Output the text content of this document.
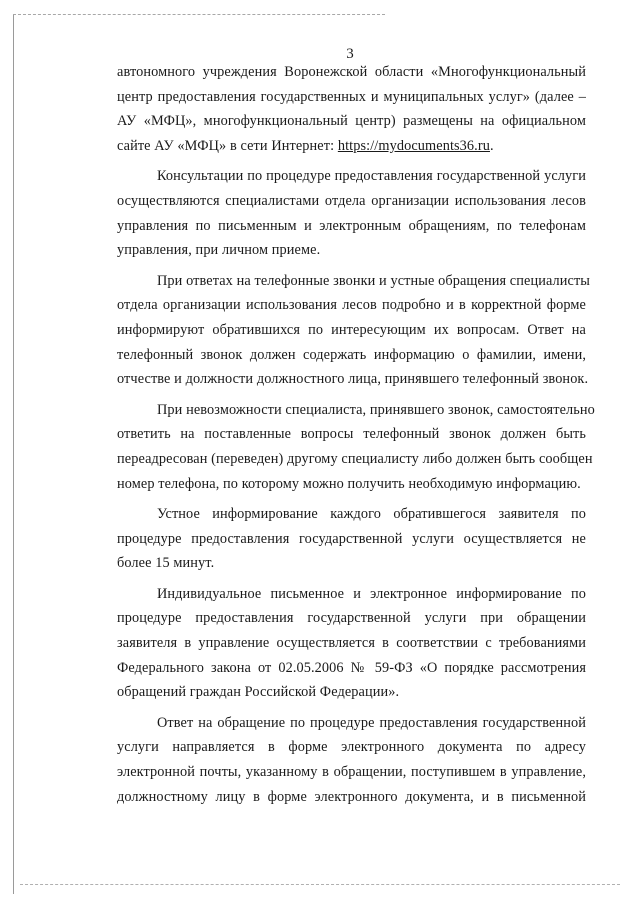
3
автономного учреждения Воронежской области «Многофункциональный
центр предоставления государственных и муниципальных услуг» (далее –
АУ «МФЦ», многофункциональный центр) размещены на официальном
сайте АУ «МФЦ» в сети Интернет: https://mydocuments36.ru.
Консультации по процедуре предоставления государственной услуги
осуществляются специалистами отдела организации использования лесов
управления по письменным и электронным обращениям, по телефонам
управления, при личном приеме.
При ответах на телефонные звонки и устные обращения специалисты
отдела организации использования лесов подробно и в корректной форме
информируют обратившихся по интересующим их вопросам. Ответ на
телефонный звонок должен содержать информацию о фамилии, имени,
отчестве и должности должностного лица, принявшего телефонный звонок.
При невозможности специалиста, принявшего звонок, самостоятельно
ответить на поставленные вопросы телефонный звонок должен быть
переадресован (переведен) другому специалисту либо должен быть сообщен
номер телефона, по которому можно получить необходимую информацию.
Устное информирование каждого обратившегося заявителя по
процедуре предоставления государственной услуги осуществляется не
более 15 минут.
Индивидуальное письменное и электронное информирование по
процедуре предоставления государственной услуги при обращении
заявителя в управление осуществляется в соответствии с требованиями
Федерального закона от 02.05.2006 № 59-ФЗ «О порядке рассмотрения
обращений граждан Российской Федерации».
Ответ на обращение по процедуре предоставления государственной
услуги направляется в форме электронного документа по адресу
электронной почты, указанному в обращении, поступившем в управление,
должностному лицу в форме электронного документа, и в письменной
